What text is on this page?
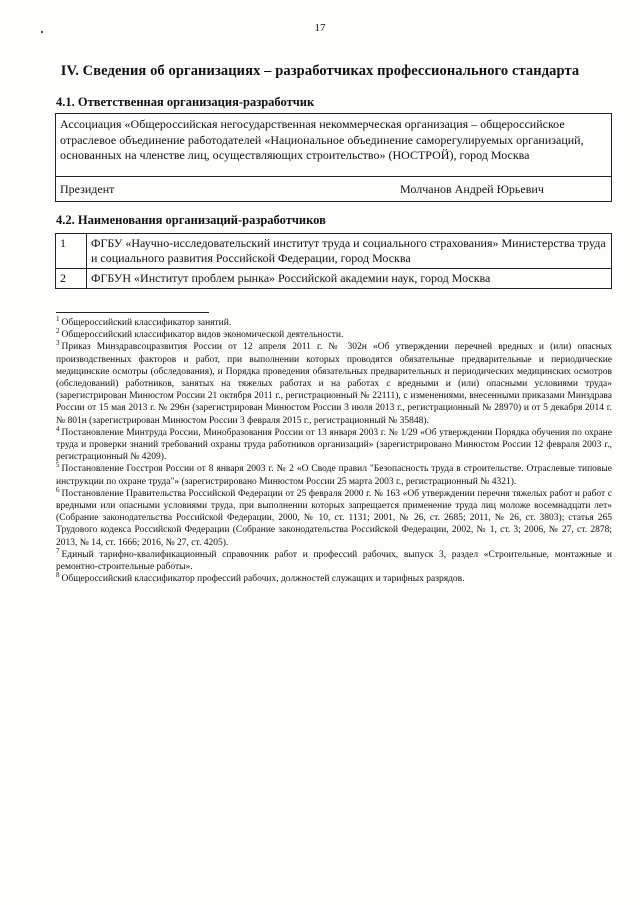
17
IV. Сведения об организациях – разработчиках профессионального стандарта
4.1. Ответственная организация-разработчик
Ассоциация «Общероссийская негосударственная некоммерческая организация – общероссийское отраслевое объединение работодателей «Национальное объединение саморегулируемых организаций, основанных на членстве лиц, осуществляющих строительство» (НОСТРОЙ), город Москва
Президент	Молчанов Андрей Юрьевич
4.2. Наименования организаций-разработчиков
1	ФГБУ «Научно-исследовательский институт труда и социального страхования» Министерства труда и социального развития Российской Федерации, город Москва
2	ФГБУН «Институт проблем рынка» Российской академии наук, город Москва

$^1$ Общероссийский классификатор занятий.

$^2$ Общероссийский классификатор видов экономической деятельности.

$^3$ Приказ Минздравсоцразвития России от 12 апреля 2011 г. № 302н «Об утверждении перечней вредных и (или) опасных производственных факторов и работ, при выполнении которых проводятся обязательные предварительные и периодические медицинские осмотры (обследования), и Порядка проведения обязательных предварительных и периодических медицинских осмотров (обследований) работников, занятых на тяжелых работах и на работах с вредными и (или) опасными условиями труда» (зарегистрирован Минюстом России 21 октября 2011 г., регистрационный № 22111), с изменениями, внесенными приказами Минздрава России от 15 мая 2013 г. № 296н (зарегистрирован Минюстом России 3 июля 2013 г., регистрационный № 28970) и от 5 декабря 2014 г. № 801н (зарегистрирован Минюстом России 3 февраля 2015 г., регистрационный № 35848).

$^4$ Постановление Минтруда России, Минобразования России от 13 января 2003 г. № 1/29 «Об утверждении Порядка обучения по охране труда и проверки знаний требований охраны труда работников организаций» (зарегистрировано Минюстом России 12 февраля 2003 г., регистрационный № 4209).

$^5$ Постановление Госстроя России от 8 января 2003 г. № 2 «О Своде правил "Безопасность труда в строительстве. Отраслевые типовые инструкции по охране труда"» (зарегистрировано Минюстом России 25 марта 2003 г., регистрационный № 4321).

$^6$ Постановление Правительства Российской Федерации от 25 февраля 2000 г. № 163 «Об утверждении перечня тяжелых работ и работ с вредными или опасными условиями труда, при выполнении которых запрещается применение труда лиц моложе восемнадцати лет» (Собрание законодательства Российской Федерации, 2000, № 10, ст. 1131; 2001, № 26, ст. 2685; 2011, № 26, ст. 3803); статья 265 Трудового кодекса Российской Федерации (Собрание законодательства Российской Федерации, 2002, № 1, ст. 3; 2006, № 27, ст. 2878; 2013, № 14, ст. 1666; 2016, № 27, ст. 4205).

$^7$ Единый тарифно-квалификационный справочник работ и профессий рабочих, выпуск 3, раздел «Строительные, монтажные и ремонтно-строительные работы».

$^8$ Общероссийский классификатор профессий рабочих, должностей служащих и тарифных разрядов.
